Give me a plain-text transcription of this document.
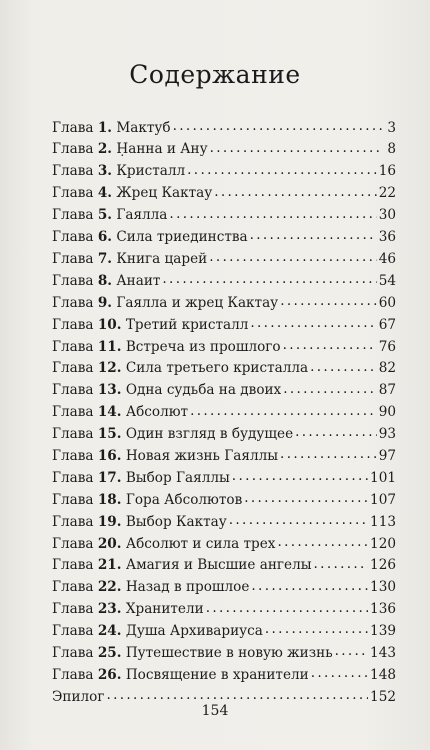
Содержание
Глава 1. Мактуб . . .	3
Глава 2. Ḥанна и Ану . . .	8
Глава 3. Кристалл . . .	16
Глава 4. Жрец Кактау . . .	22
Глава 5. Гаялла . . .	30
Глава 6. Сила триединства . . .	36
Глава 7. Книга царей . . .	46
Глава 8. Анаит . . .	54
Глава 9. Гаялла и жрец Кактау . . .	60
Глава 10. Третий кристалл . . .	67
Глава 11. Встреча из прошлого . . .	76
Глава 12. Сила третьего кристалла . . .	82
Глава 13. Одна судьба на двоих . . .	87
Глава 14. Абсолют . . .	90
Глава 15. Один взгляд в будущее . . .	93
Глава 16. Новая жизнь Гаяллы . . .	97
Глава 17. Выбор Гаяллы . . .	101
Глава 18. Гора Абсолютов . . .	107
Глава 19. Выбор Кактау . . .	113
Глава 20. Абсолют и сила трех . . .	120
Глава 21. Амагия и Высшие ангелы . . .	126
Глава 22. Назад в прошлое . . .	130
Глава 23. Хранители . . .	136
Глава 24. Душа Архивариуса . . .	139
Глава 25. Путешествие в новую жизнь . . .	143
Глава 26. Посвящение в хранители . . .	148
Эпилог . . .	152
154
